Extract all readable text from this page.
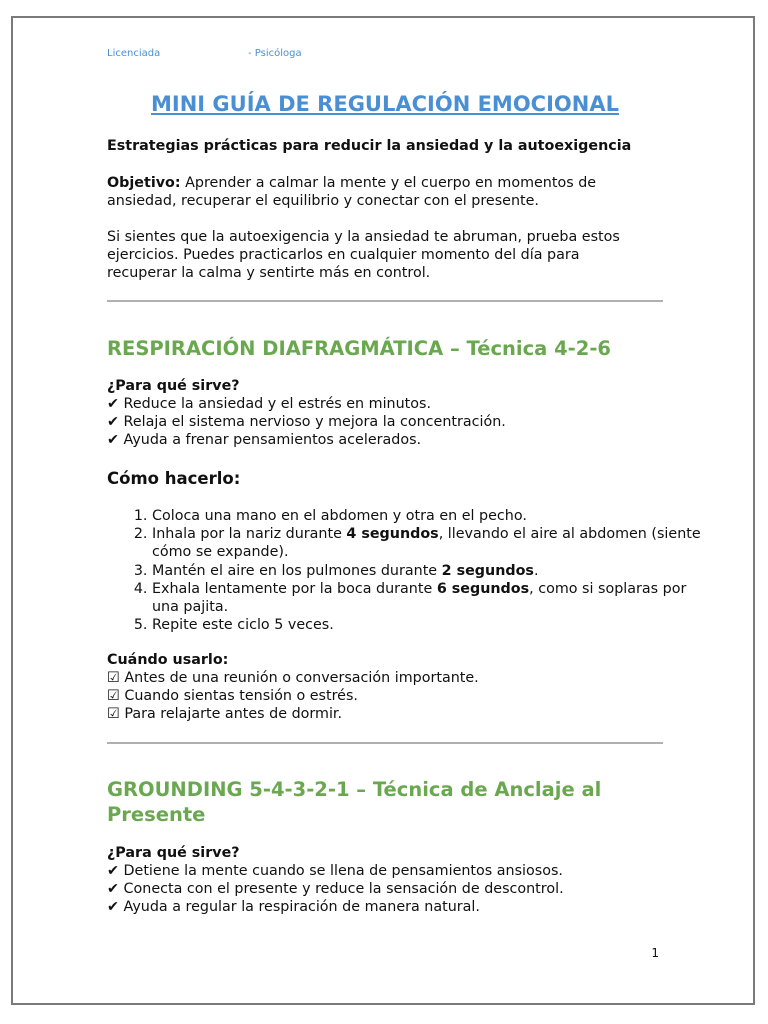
Licenciada	- Psicóloga
MINI GUÍA DE REGULACIÓN EMOCIONAL
Estrategias prácticas para reducir la ansiedad y la autoexigencia
Objetivo: Aprender a calmar la mente y el cuerpo en momentos de
ansiedad, recuperar el equilibrio y conectar con el presente.
Si sientes que la autoexigencia y la ansiedad te abruman, prueba estos
ejercicios. Puedes practicarlos en cualquier momento del día para
recuperar la calma y sentirte más en control.
RESPIRACIÓN DIAFRAGMÁTICA – Técnica 4-2-6
¿Para qué sirve?
✔ Reduce la ansiedad y el estrés en minutos.
✔ Relaja el sistema nervioso y mejora la concentración.
✔ Ayuda a frenar pensamientos acelerados.
Cómo hacerlo:
1. Coloca una mano en el abdomen y otra en el pecho.
2. Inhala por la nariz durante 4 segundos, llevando el aire al abdomen (siente cómo se expande).
3. Mantén el aire en los pulmones durante 2 segundos.
4. Exhala lentamente por la boca durante 6 segundos, como si soplaras por una pajita.
5. Repite este ciclo 5 veces.
Cuándo usarlo:
☑ Antes de una reunión o conversación importante.
☑ Cuando sientas tensión o estrés.
☑ Para relajarte antes de dormir.
GROUNDING 5-4-3-2-1 – Técnica de Anclaje al Presente
¿Para qué sirve?
✔ Detiene la mente cuando se llena de pensamientos ansiosos.
✔ Conecta con el presente y reduce la sensación de descontrol.
✔ Ayuda a regular la respiración de manera natural.
1
